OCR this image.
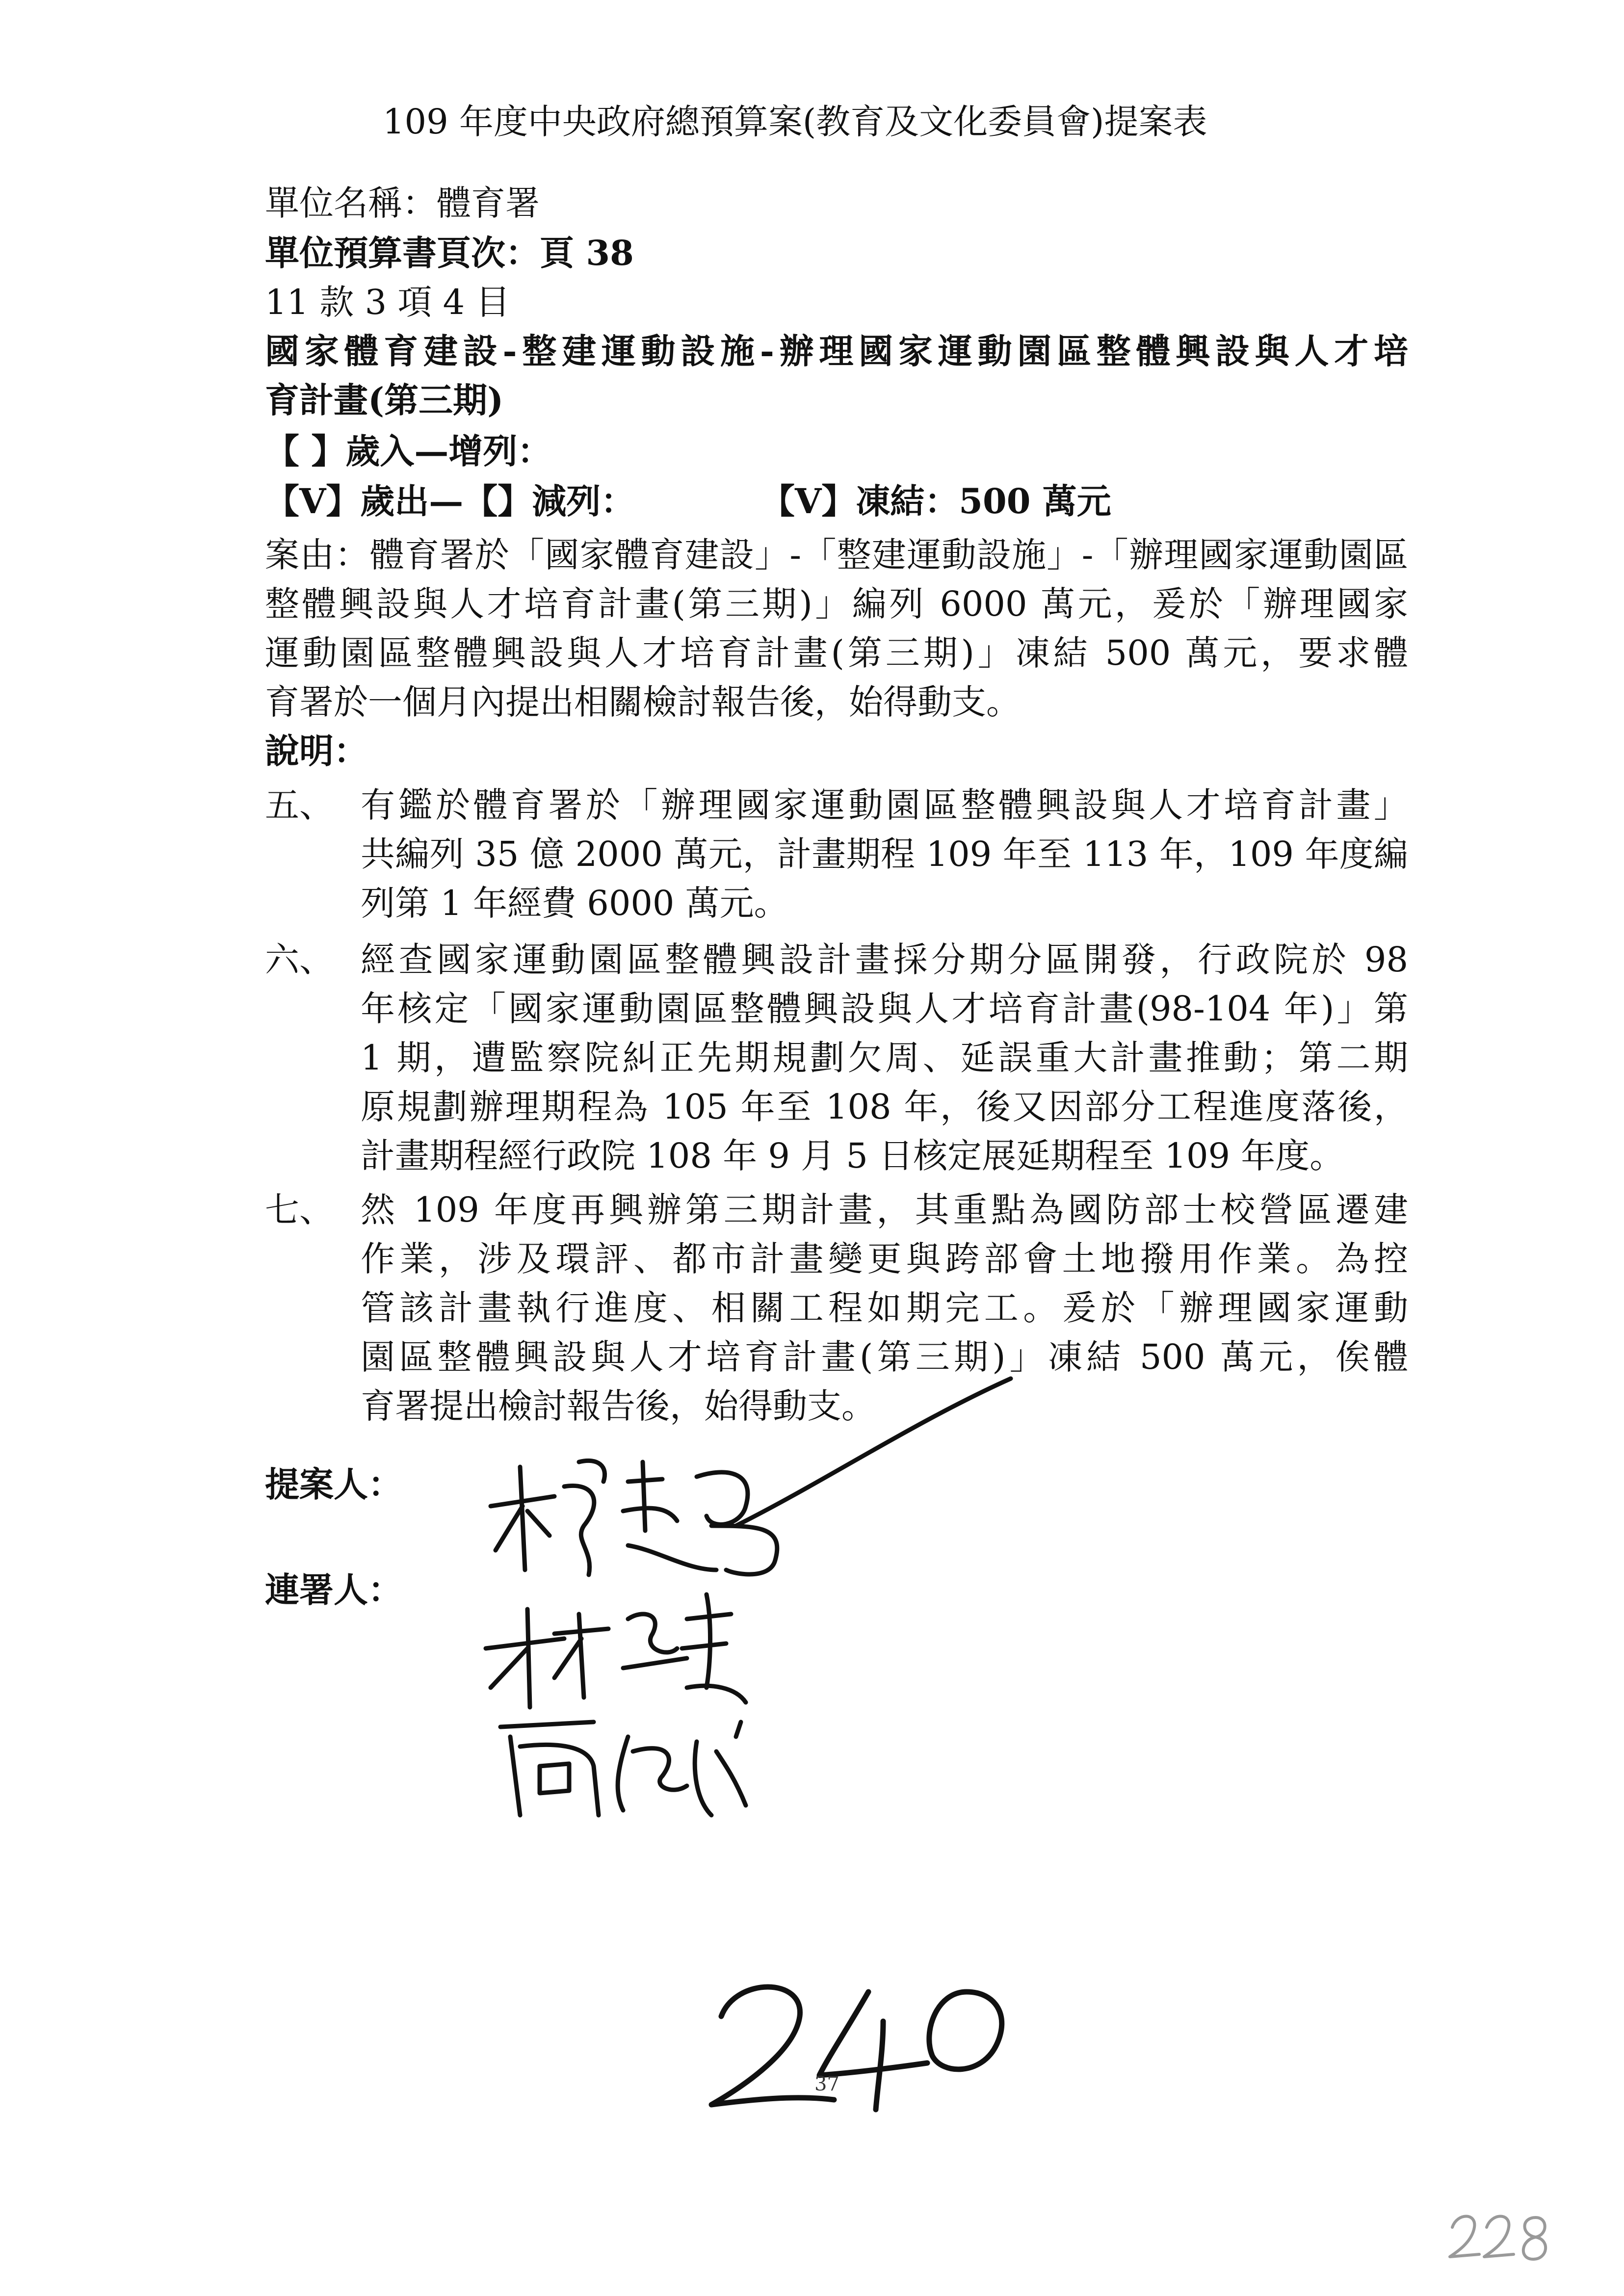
109 年度中央政府總預算案(教育及文化委員會)提案表
單位名稱：體育署
單位預算書頁次：頁 38
11 款 3 項 4 目
國家體育建設-整建運動設施-辦理國家運動園區整體興設與人才培
育計畫(第三期)
【 】歲入—增列：
【V】歲出—【】減列：	【V】凍結：500 萬元
案由：體育署於「國家體育建設」-「整建運動設施」-「辦理國家運動園區
整體興設與人才培育計畫(第三期)」編列 6000 萬元，爰於「辦理國家
運動園區整體興設與人才培育計畫(第三期)」凍結 500 萬元，要求體
育署於一個月內提出相關檢討報告後，始得動支。
說明：
五、 有鑑於體育署於「辦理國家運動園區整體興設與人才培育計畫」
共編列 35 億 2000 萬元，計畫期程 109 年至 113 年，109 年度編
列第 1 年經費 6000 萬元。
六、 經查國家運動園區整體興設計畫採分期分區開發，行政院於 98
年核定「國家運動園區整體興設與人才培育計畫(98-104 年)」第
1 期，遭監察院糾正先期規劃欠周、延誤重大計畫推動；第二期
原規劃辦理期程為 105 年至 108 年，後又因部分工程進度落後，
計畫期程經行政院 108 年 9 月 5 日核定展延期程至 109 年度。
七、 然 109 年度再興辦第三期計畫，其重點為國防部士校營區遷建
作業，涉及環評、都市計畫變更與跨部會土地撥用作業。為控
管該計畫執行進度、相關工程如期完工。爰於「辦理國家運動
園區整體興設與人才培育計畫(第三期)」凍結 500 萬元，俟體
育署提出檢討報告後，始得動支。
提案人：
連署人：
37
